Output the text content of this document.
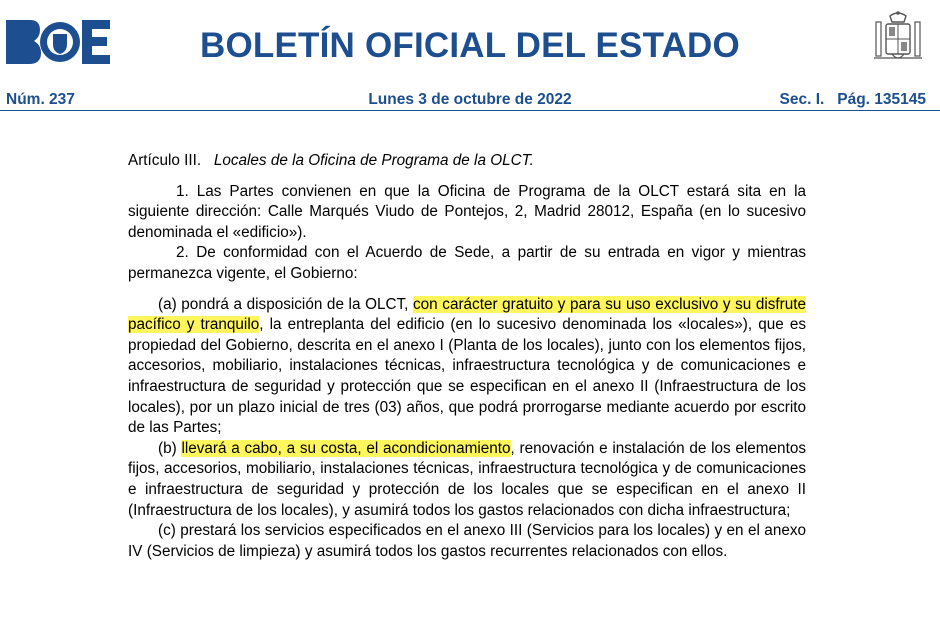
BOLETÍN OFICIAL DEL ESTADO
Núm. 237	Lunes 3 de octubre de 2022	Sec. I. Pág. 135145

Artículo III. Locales de la Oficina de Programa de la OLCT.

1. Las Partes convienen en que la Oficina de Programa de la OLCT estará sita en la siguiente dirección: Calle Marqués Viudo de Pontejos, 2, Madrid 28012, España (en lo sucesivo denominada el «edificio»).

2. De conformidad con el Acuerdo de Sede, a partir de su entrada en vigor y mientras permanezca vigente, el Gobierno:

(a) pondrá a disposición de la OLCT, con carácter gratuito y para su uso exclusivo y su disfrute pacífico y tranquilo, la entreplanta del edificio (en lo sucesivo denominada los «locales»), que es propiedad del Gobierno, descrita en el anexo I (Planta de los locales), junto con los elementos fijos, accesorios, mobiliario, instalaciones técnicas, infraestructura tecnológica y de comunicaciones e infraestructura de seguridad y protección que se especifican en el anexo II (Infraestructura de los locales), por un plazo inicial de tres (03) años, que podrá prorrogarse mediante acuerdo por escrito de las Partes;

(b) llevará a cabo, a su costa, el acondicionamiento, renovación e instalación de los elementos fijos, accesorios, mobiliario, instalaciones técnicas, infraestructura tecnológica y de comunicaciones e infraestructura de seguridad y protección de los locales que se especifican en el anexo II (Infraestructura de los locales), y asumirá todos los gastos relacionados con dicha infraestructura;

(c) prestará los servicios especificados en el anexo III (Servicios para los locales) y en el anexo IV (Servicios de limpieza) y asumirá todos los gastos recurrentes relacionados con ellos.
